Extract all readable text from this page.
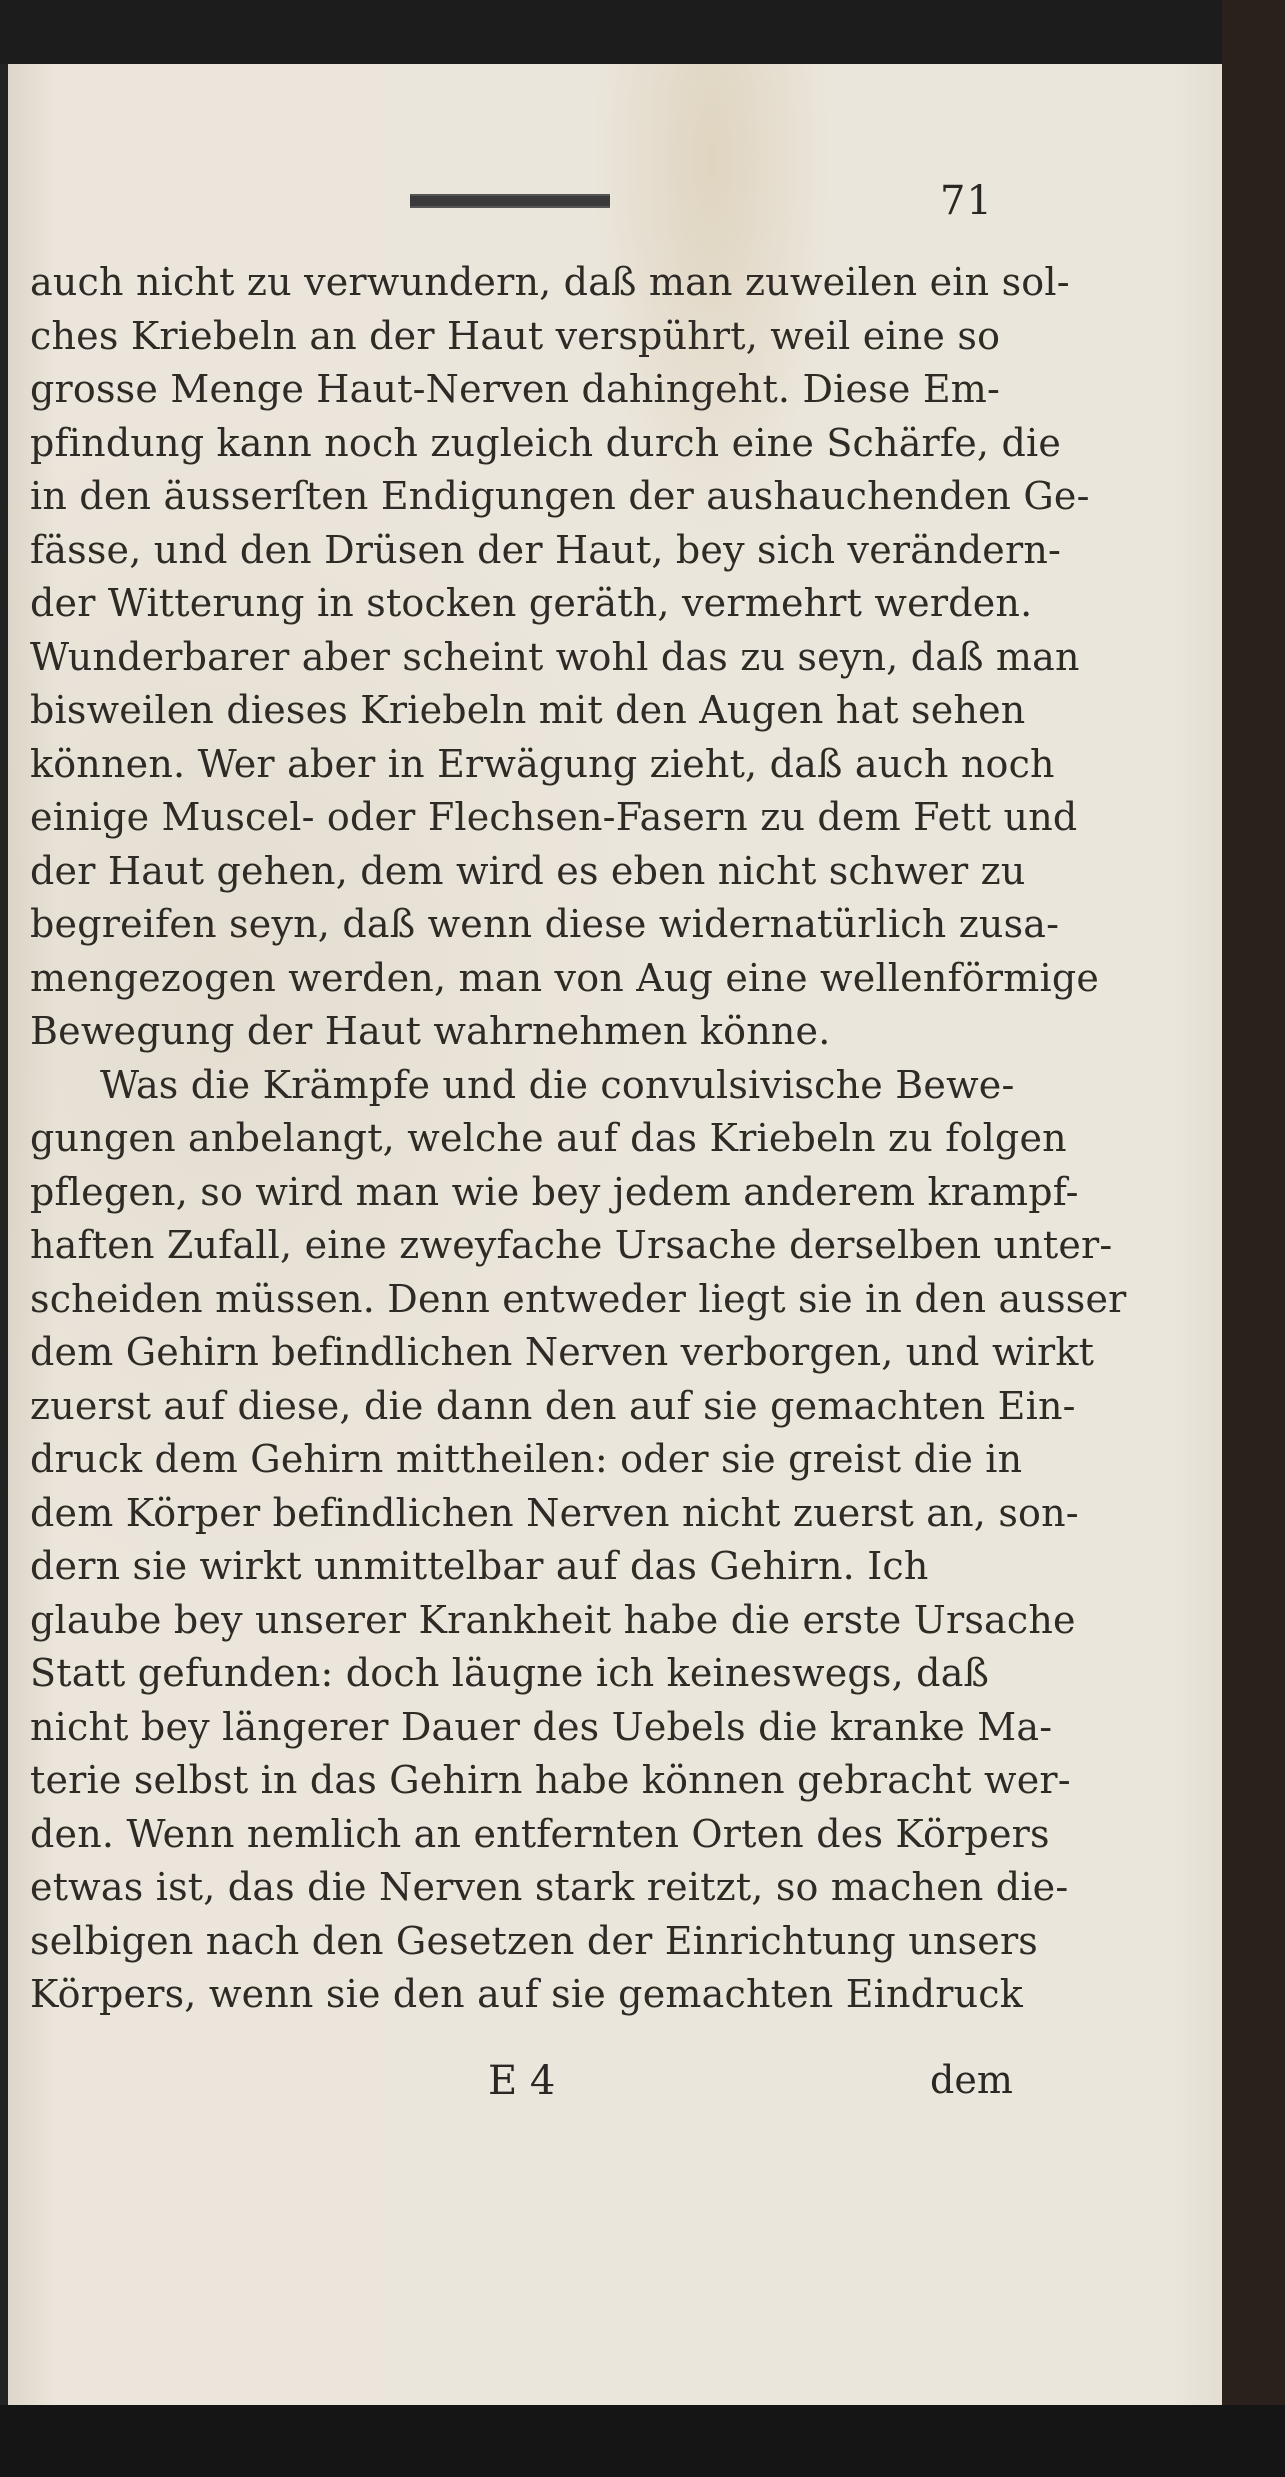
71
auch nicht zu verwundern, daß man zuweilen ein sol-
ches Kriebeln an der Haut verspührt, weil eine so
grosse Menge Haut-Nerven dahingeht. Diese Em-
pfindung kann noch zugleich durch eine Schärfe, die
in den äusserſten Endigungen der aushauchenden Ge-
fässe, und den Drüsen der Haut, bey sich verändern-
der Witterung in stocken geräth, vermehrt werden.
Wunderbarer aber scheint wohl das zu seyn, daß man
bisweilen dieses Kriebeln mit den Augen hat sehen
können. Wer aber in Erwägung zieht, daß auch noch
einige Muscel- oder Flechsen-Fasern zu dem Fett und
der Haut gehen, dem wird es eben nicht schwer zu
begreifen seyn, daß wenn diese widernatürlich zusa-
mengezogen werden, man von Aug eine wellenförmige
Bewegung der Haut wahrnehmen könne.
Was die Krämpfe und die convulsivische Bewe-
gungen anbelangt, welche auf das Kriebeln zu folgen
pflegen, so wird man wie bey jedem anderem krampf-
haften Zufall, eine zweyfache Ursache derselben unter-
scheiden müssen. Denn entweder liegt sie in den ausser
dem Gehirn befindlichen Nerven verborgen, und wirkt
zuerst auf diese, die dann den auf sie gemachten Ein-
druck dem Gehirn mittheilen: oder sie greist die in
dem Körper befindlichen Nerven nicht zuerst an, son-
dern sie wirkt unmittelbar auf das Gehirn. Ich
glaube bey unserer Krankheit habe die erste Ursache
Statt gefunden: doch läugne ich keineswegs, daß
nicht bey längerer Dauer des Uebels die kranke Ma-
terie selbst in das Gehirn habe können gebracht wer-
den. Wenn nemlich an entfernten Orten des Körpers
etwas ist, das die Nerven stark reitzt, so machen die-
selbigen nach den Gesetzen der Einrichtung unsers
Körpers, wenn sie den auf sie gemachten Eindruck
E 4	dem
